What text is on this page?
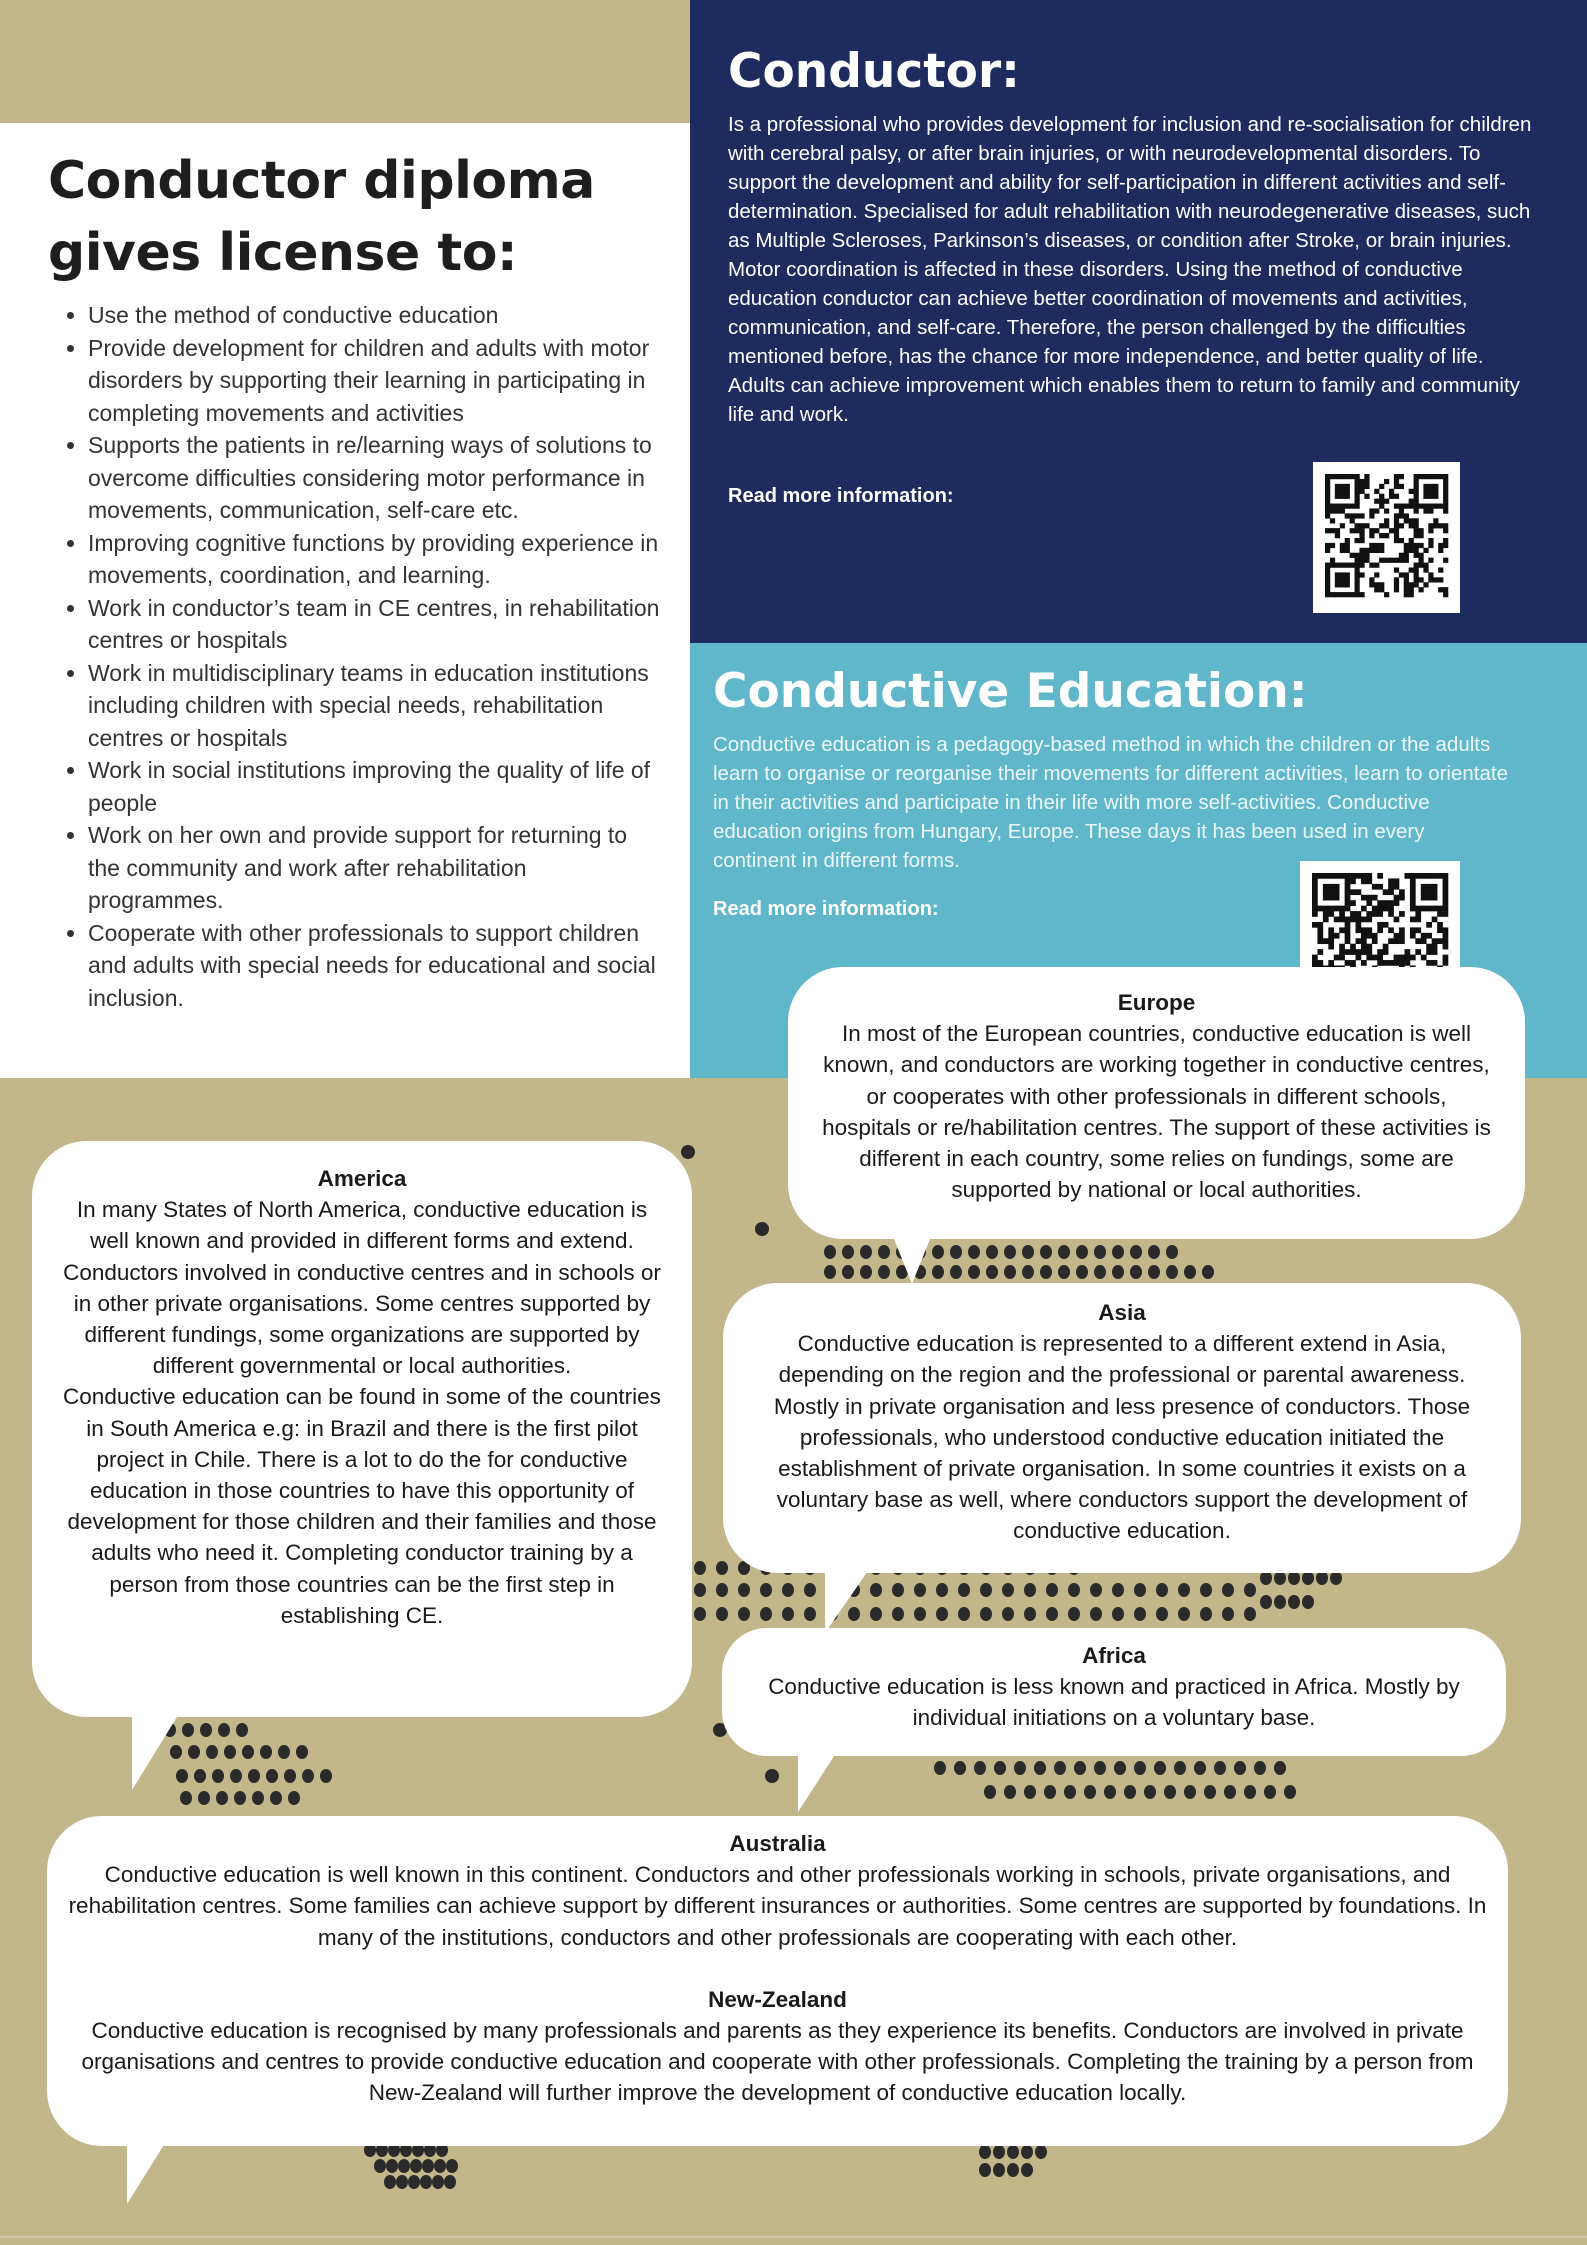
Conductor diploma gives license to:
• Use the method of conductive education
• Provide development for children and adults with motor disorders by supporting their learning in participating in completing movements and activities
• Supports the patients in re/learning ways of solutions to overcome difficulties considering motor performance in movements, communication, self-care etc.
• Improving cognitive functions by providing experience in movements, coordination, and learning.
• Work in conductor’s team in CE centres, in rehabilitation centres or hospitals
• Work in multidisciplinary teams in education institutions including children with special needs, rehabilitation centres or hospitals
• Work in social institutions improving the quality of life of people
• Work on her own and provide support for returning to the community and work after rehabilitation programmes.
• Cooperate with other professionals to support children and adults with special needs for educational and social inclusion.
Conductor:

Is a professional who provides development for inclusion and re-socialisation for children with cerebral palsy, or after brain injuries, or with neurodevelopmental disorders. To support the development and ability for self-participation in different activities and self-determination. Specialised for adult rehabilitation with neurodegenerative diseases, such as Multiple Scleroses, Parkinson’s diseases, or condition after Stroke, or brain injuries. Motor coordination is affected in these disorders. Using the method of conductive education conductor can achieve better coordination of movements and activities, communication, and self-care. Therefore, the person challenged by the difficulties mentioned before, has the chance for more independence, and better quality of life. Adults can achieve improvement which enables them to return to family and community life and work.

Read more information:
Conductive Education:

Conductive education is a pedagogy-based method in which the children or the adults learn to organise or reorganise their movements for different activities, learn to orientate in their activities and participate in their life with more self-activities. Conductive education origins from Hungary, Europe. These days it has been used in every continent in different forms.

Read more information:
Europe

In most of the European countries, conductive education is well known, and conductors are working together in conductive centres, or cooperates with other professionals in different schools, hospitals or re/habilitation centres. The support of these activities is different in each country, some relies on fundings, some are supported by national or local authorities.

America

In many States of North America, conductive education is well known and provided in different forms and extend. Conductors involved in conductive centres and in schools or in other private organisations. Some centres supported by different fundings, some organizations are supported by different governmental or local authorities.

Conductive education can be found in some of the countries in South America e.g: in Brazil and there is the first pilot project in Chile. There is a lot to do the for conductive education in those countries to have this opportunity of development for those children and their families and those adults who need it. Completing conductor training by a person from those countries can be the first step in establishing CE.

Asia

Conductive education is represented to a different extend in Asia, depending on the region and the professional or parental awareness. Mostly in private organisation and less presence of conductors. Those professionals, who understood conductive education initiated the establishment of private organisation. In some countries it exists on a voluntary base as well, where conductors support the development of conductive education.

Africa

Conductive education is less known and practiced in Africa. Mostly by individual initiations on a voluntary base.

Australia

Conductive education is well known in this continent. Conductors and other professionals working in schools, private organisations, and rehabilitation centres. Some families can achieve support by different insurances or authorities. Some centres are supported by foundations. In many of the institutions, conductors and other professionals are cooperating with each other.

New-Zealand

Conductive education is recognised by many professionals and parents as they experience its benefits. Conductors are involved in private organisations and centres to provide conductive education and cooperate with other professionals. Completing the training by a person from New-Zealand will further improve the development of conductive education locally.
